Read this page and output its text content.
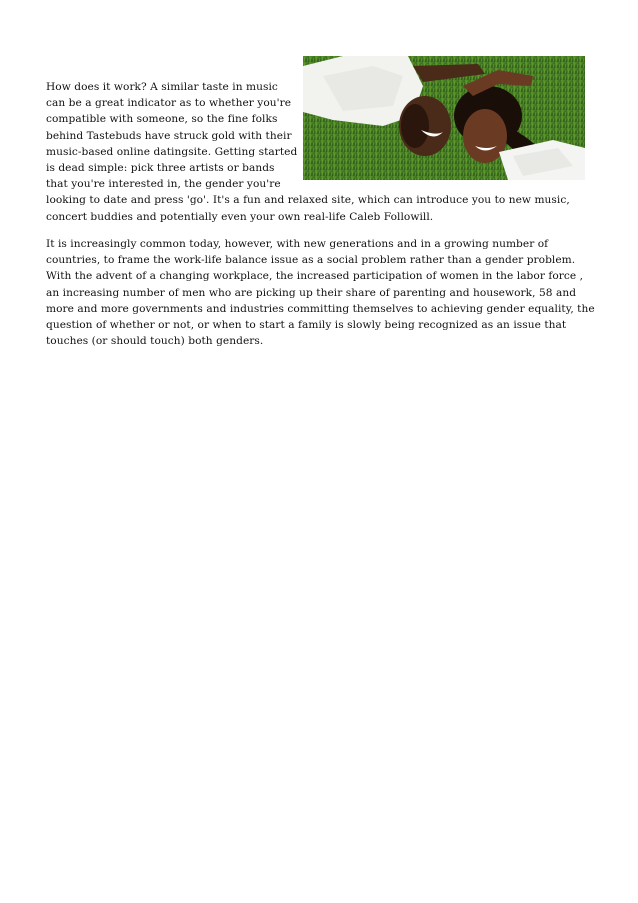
How does it work? A similar taste in music
can be a great indicator as to whether you're
compatible with someone, so the fine folks
behind Tastebuds have struck gold with their
music-based online datingsite. Getting started
is dead simple: pick three artists or bands
that you're interested in, the gender you're
looking to date and press 'go'. It's a fun and relaxed site, which can introduce you to new music,
concert buddies and potentially even your own real-life Caleb Followill.
It is increasingly common today, however, with new generations and in a growing number of
countries, to frame the work-life balance issue as a social problem rather than a gender problem.
With the advent of a changing workplace, the increased participation of women in the labor force ,
an increasing number of men who are picking up their share of parenting and housework, 58 and
more and more governments and industries committing themselves to achieving gender equality, the
question of whether or not, or when to start a family is slowly being recognized as an issue that
touches (or should touch) both genders.
